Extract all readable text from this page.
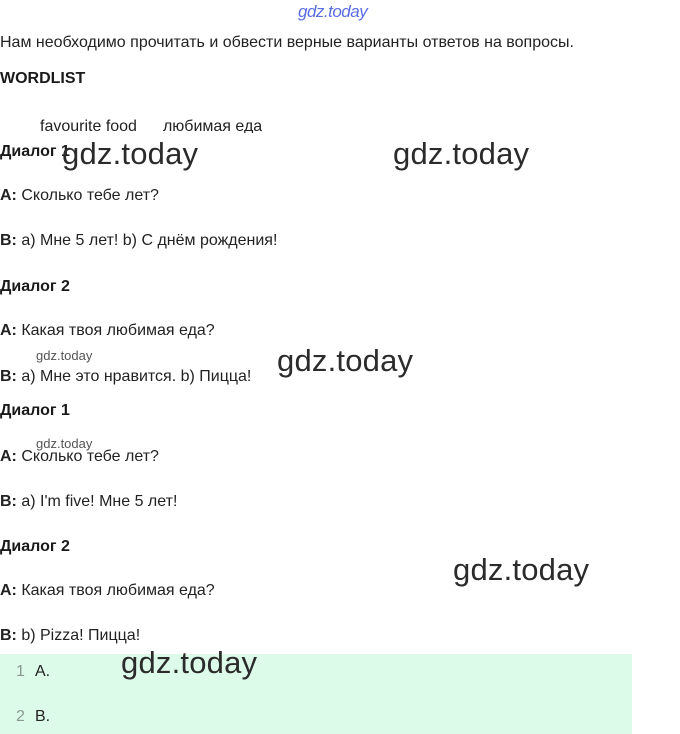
gdz.today
Нам необходимо прочитать и обвести верные варианты ответов на вопросы.
WORDLIST
favourite food любимая еда
Диалог 1
A: Сколько тебе лет?
B: a) Мне 5 лет! b) С днём рождения!
Диалог 2
A: Какая твоя любимая еда?
B: a) Мне это нравится. b) Пицца!
Диалог 1
A: Сколько тебе лет?
B: a) I'm five! Мне 5 лет!
Диалог 2
A: Какая твоя любимая еда?
B: b) Pizza! Пицца!
1 A.
2 B.
gdz.today	gdz.today
gdz.today	gdz.today
gdz.today
gdz.today
gdz.today
